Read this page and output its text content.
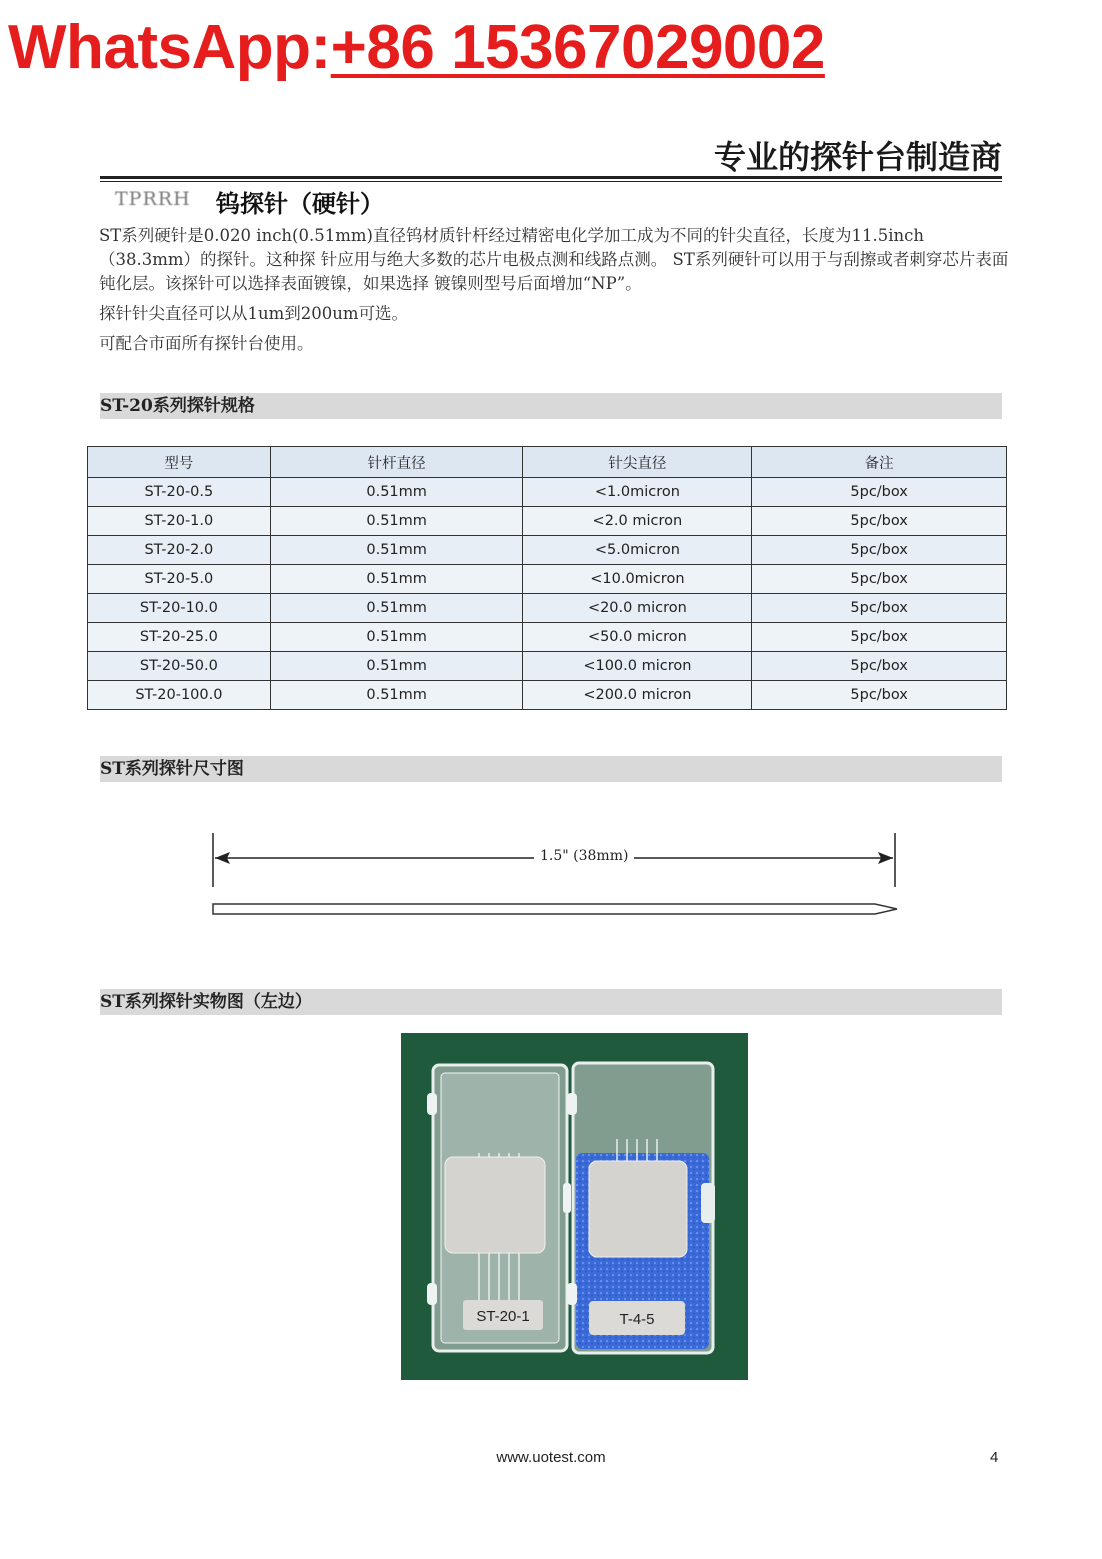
WhatsApp:+86 15367029002
专业的探针台制造商
TPRRH 钨探针（硬针）
ST系列硬针是0.020 inch(0.51mm)直径钨材质针杆经过精密电化学加工成为不同的针尖直径，长度为11.5inch（38.3mm）的探针。这种探 针应用与绝大多数的芯片电极点测和线路点测。 ST系列硬针可以用于与刮擦或者刺穿芯片表面钝化层。该探针可以选择表面镀镍，如果选择 镀镍则型号后面增加“NP”。
探针针尖直径可以从1um到200um可选。
可配合市面所有探针台使用。
ST-20系列探针规格
型号	针杆直径	针尖直径	备注
ST-20-0.5	0.51mm	<1.0micron	5pc/box
ST-20-1.0	0.51mm	<2.0 micron	5pc/box
ST-20-2.0	0.51mm	<5.0micron	5pc/box
ST-20-5.0	0.51mm	<10.0micron	5pc/box
ST-20-10.0	0.51mm	<20.0 micron	5pc/box
ST-20-25.0	0.51mm	<50.0 micron	5pc/box
ST-20-50.0	0.51mm	<100.0 micron	5pc/box
ST-20-100.0	0.51mm	<200.0 micron	5pc/box
ST系列探针尺寸图
1.5" (38mm)
ST系列探针实物图（左边）
ST-20-1	T-4-5
www.uotest.com	4
